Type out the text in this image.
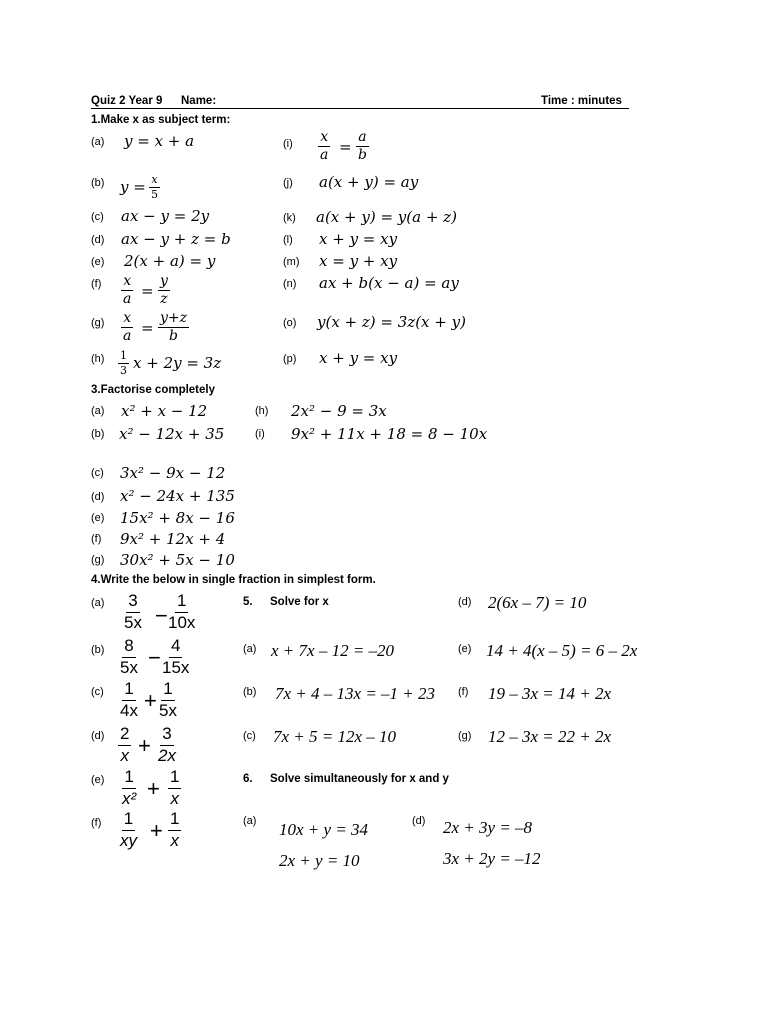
Quiz 2 Year 9 Name:	Time : minutes
1.Make x as subject term:
(a) y = x + a
(b) $y = \frac{x}{5}$
(c) ax − y = 2y
(d) ax − y + z = b
(e) 2(x + a) = y
$(f) \frac{x}{a} = \frac{y}{z}$
$(g) \frac{x}{a} = \frac{y+z}{b}$
$(h) \frac{1}{3}$ x + 2y = 3z
$(i) \frac{x}{a} = \frac{a}{b}$
(j) a(x + y) = ay
(k) a(x + y) = y(a + z)
(l) x + y = xy
(m) x = y + xy
(n) ax + b(x − a) = ay
(o) y(x + z) = 3z(x + y)
(p) x + y = xy
3.Factorise completely
(a) x² + x − 12
(b) x² − 12x + 35
(h) 2x² − 9 = 3x
(i) 9x² + 11x + 18 = 8 − 10x
(c) 3x² − 9x − 12
(d) x² − 24x + 135
(e) 15x² + 8x − 16
(f) 9x² + 12x + 4
(g) 30x² + 5x − 10
4.Write the below in single fraction in simplest form.
$(a) \frac{3}{5x}$ −
$\frac{1}{10x}$
$(b) \frac{8}{5x} - \frac{4}{15x}$
$(c) \frac{1}{4x} + \frac{1}{5x}$
$(d) \frac{2}{x} + \frac{3}{2x}$
$(e) \frac{1}{\text{x²}} + \frac{1}{x}$
$(f) \frac{1}{xy} + \frac{1}{x}$
5. Solve for x
(a) x + 7x – 12 = –20
(b) 7x + 4 – 13x = –1 + 23
(c) 7x + 5 = 12x – 10
(d) 2(6x – 7) = 10
(e) 14 + 4(x – 5) = 6 – 2x
(f) 19 – 3x = 14 + 2x
(g) 12 – 3x = 22 + 2x
6. Solve simultaneously for x and y
(a) 10x + y = 34
2x + y = 10
(d) 2x + 3y = –8
3x + 2y = –12
